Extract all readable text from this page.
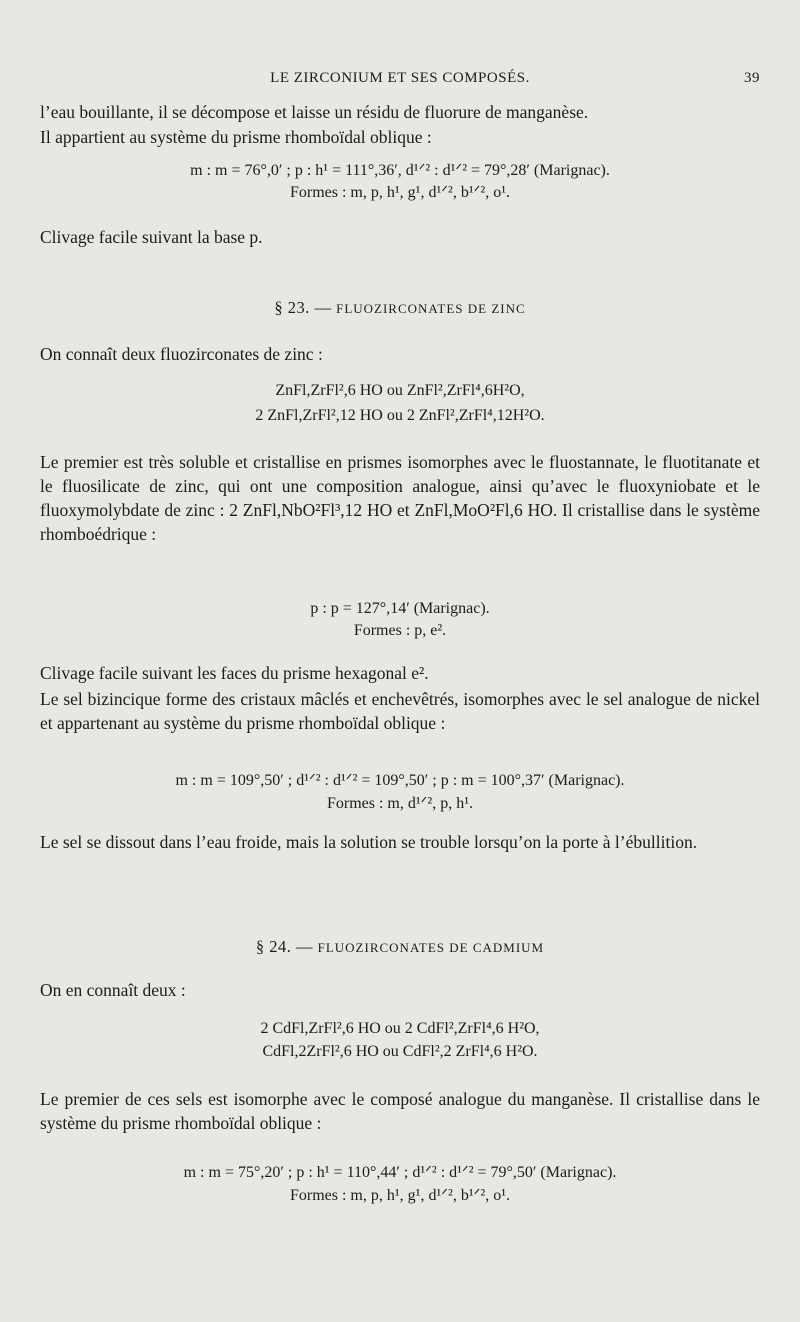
LE ZIRCONIUM ET SES COMPOSÉS.	39
l’eau bouillante, il se décompose et laisse un résidu de fluorure de manganèse.
Il appartient au système du prisme rhomboïdal oblique :
m : m = 76°,0′ ; p : h¹ = 111°,36′, d¹ᐟ² : d¹ᐟ² = 79°,28′ (Marignac).
Formes : m, p, h¹, g¹, d¹ᐟ², b¹ᐟ², o¹.
Clivage facile suivant la base p.
§ 23. — FLUOZIRCONATES DE ZINC
On connaît deux fluozirconates de zinc :
ZnFl,ZrFl²,6 HO ou ZnFl²,ZrFl⁴,6H²O,
2 ZnFl,ZrFl²,12 HO ou 2 ZnFl²,ZrFl⁴,12H²O.
Le premier est très soluble et cristallise en prismes isomorphes avec le fluostannate, le fluotitanate et le fluosilicate de zinc, qui ont une composition analogue, ainsi qu’avec le fluoxyniobate et le fluoxymolybdate de zinc : 2 ZnFl,NbO²Fl³,12 HO et ZnFl,MoO²Fl,6 HO. Il cristallise dans le système rhomboédrique :
p : p = 127°,14′ (Marignac).
Formes : p, e².
Clivage facile suivant les faces du prisme hexagonal e².
Le sel bizincique forme des cristaux mâclés et enchevêtrés, isomorphes avec le sel analogue de nickel et appartenant au système du prisme rhomboïdal oblique :
m : m = 109°,50′ ; d¹ᐟ² : d¹ᐟ² = 109°,50′ ; p : m = 100°,37′ (Marignac).
Formes : m, d¹ᐟ², p, h¹.
Le sel se dissout dans l’eau froide, mais la solution se trouble lorsqu’on la porte à l’ébullition.
§ 24. — FLUOZIRCONATES DE CADMIUM
On en connaît deux :
2 CdFl,ZrFl²,6 HO ou 2 CdFl²,ZrFl⁴,6 H²O,
CdFl,2ZrFl²,6 HO ou CdFl²,2 ZrFl⁴,6 H²O.
Le premier de ces sels est isomorphe avec le composé analogue du manganèse. Il cristallise dans le système du prisme rhomboïdal oblique :
m : m = 75°,20′ ; p : h¹ = 110°,44′ ; d¹ᐟ² : d¹ᐟ² = 79°,50′ (Marignac).
Formes : m, p, h¹, g¹, d¹ᐟ², b¹ᐟ², o¹.
